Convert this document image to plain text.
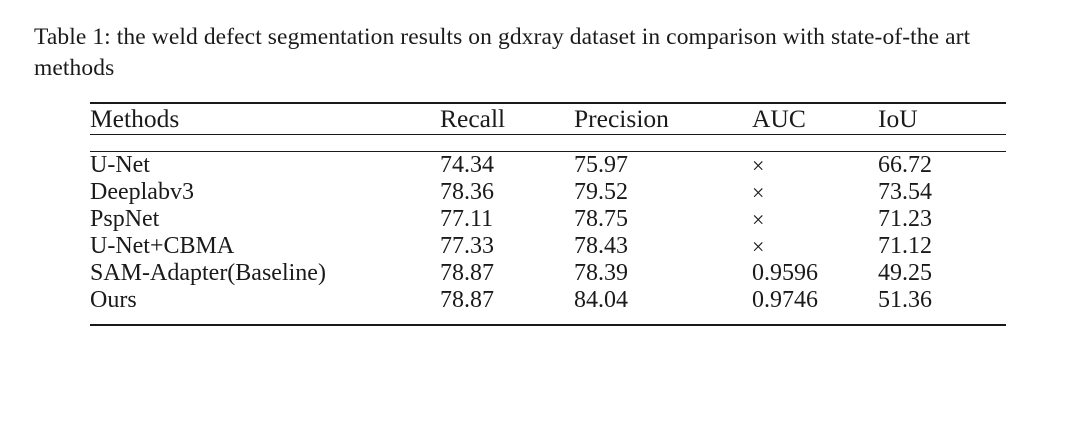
Table 1: the weld defect segmentation results on gdxray dataset in comparison with state-of-the art methods
Methods	Recall	Precision	AUC	IoU

U-Net	74.34	75.97	×	66.72
Deeplabv3	78.36	79.52	×	73.54
PspNet	77.11	78.75	×	71.23
U-Net+CBMA	77.33	78.43	×	71.12
SAM-Adapter(Baseline)	78.87	78.39	0.9596	49.25
Ours	78.87	84.04	0.9746	51.36
